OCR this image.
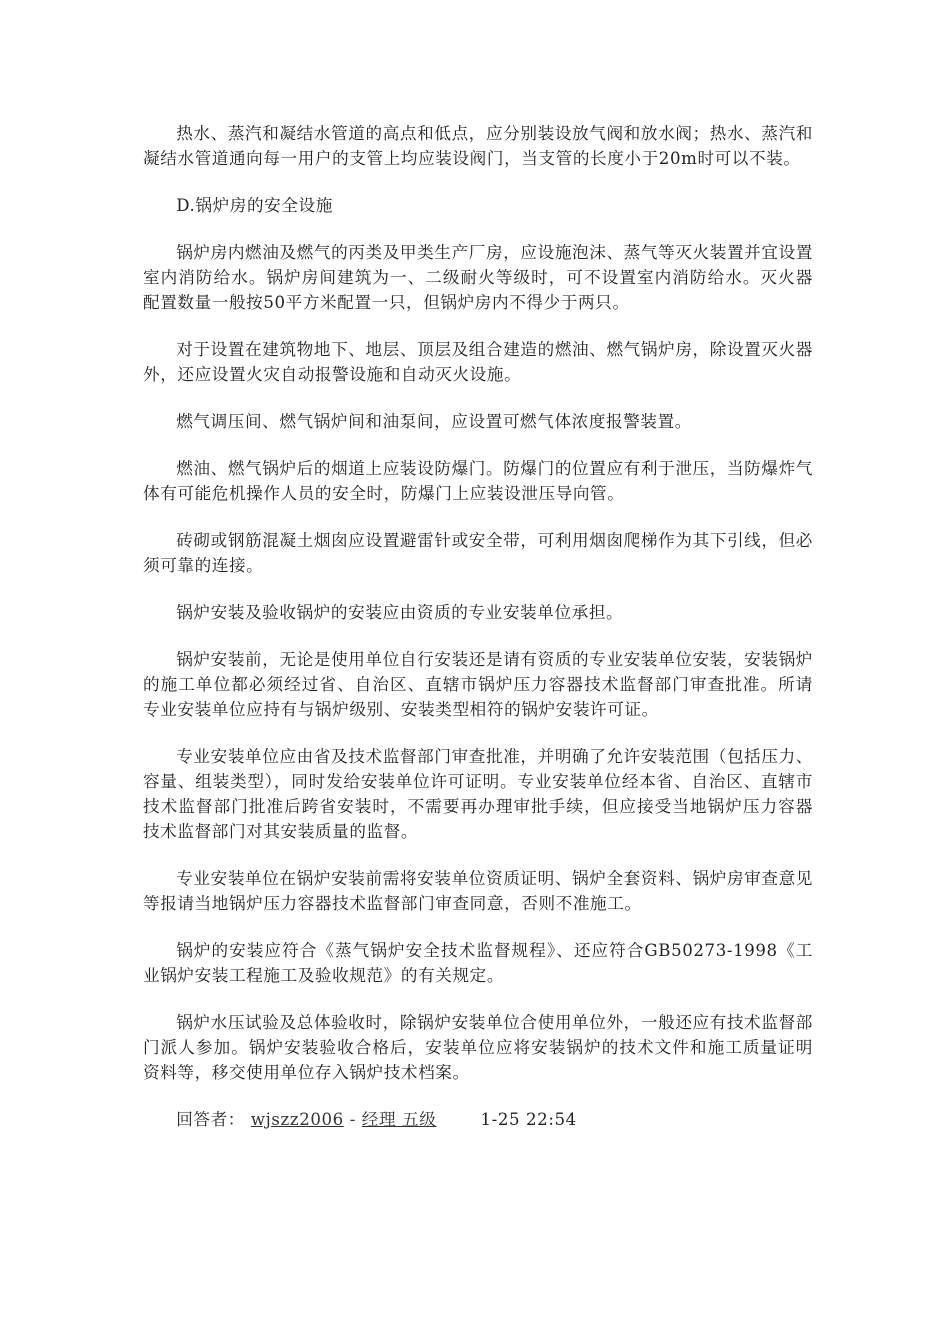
热水、蒸汽和凝结水管道的高点和低点，应分别装设放气阀和放水阀；热水、蒸汽和凝结水管道通向每一用户的支管上均应装设阀门，当支管的长度小于20m时可以不装。

D.锅炉房的安全设施

锅炉房内燃油及燃气的丙类及甲类生产厂房，应设施泡沫、蒸气等灭火装置并宜设置室内消防给水。锅炉房间建筑为一、二级耐火等级时，可不设置室内消防给水。灭火器配置数量一般按50平方米配置一只，但锅炉房内不得少于两只。

对于设置在建筑物地下、地层、顶层及组合建造的燃油、燃气锅炉房，除设置灭火器外，还应设置火灾自动报警设施和自动灭火设施。

燃气调压间、燃气锅炉间和油泵间，应设置可燃气体浓度报警装置。

燃油、燃气锅炉后的烟道上应装设防爆门。防爆门的位置应有利于泄压，当防爆炸气体有可能危机操作人员的安全时，防爆门上应装设泄压导向管。

砖砌或钢筋混凝土烟囱应设置避雷针或安全带，可利用烟囱爬梯作为其下引线，但必须可靠的连接。

锅炉安装及验收锅炉的安装应由资质的专业安装单位承担。

锅炉安装前，无论是使用单位自行安装还是请有资质的专业安装单位安装，安装锅炉的施工单位都必须经过省、自治区、直辖市锅炉压力容器技术监督部门审查批准。所请专业安装单位应持有与锅炉级别、安装类型相符的锅炉安装许可证。

专业安装单位应由省及技术监督部门审查批准，并明确了允许安装范围（包括压力、容量、组装类型），同时发给安装单位许可证明。专业安装单位经本省、自治区、直辖市技术监督部门批准后跨省安装时，不需要再办理审批手续，但应接受当地锅炉压力容器技术监督部门对其安装质量的监督。

专业安装单位在锅炉安装前需将安装单位资质证明、锅炉全套资料、锅炉房审查意见等报请当地锅炉压力容器技术监督部门审查同意，否则不准施工。

锅炉的安装应符合《蒸气锅炉安全技术监督规程》、还应符合GB50273-1998《工业锅炉安装工程施工及验收规范》的有关规定。

锅炉水压试验及总体验收时，除锅炉安装单位合使用单位外，一般还应有技术监督部门派人参加。锅炉安装验收合格后，安装单位应将安装锅炉的技术文件和施工质量证明资料等，移交使用单位存入锅炉技术档案。

回答者： wjszz2006 - 经理 五级	1-25 22:54
